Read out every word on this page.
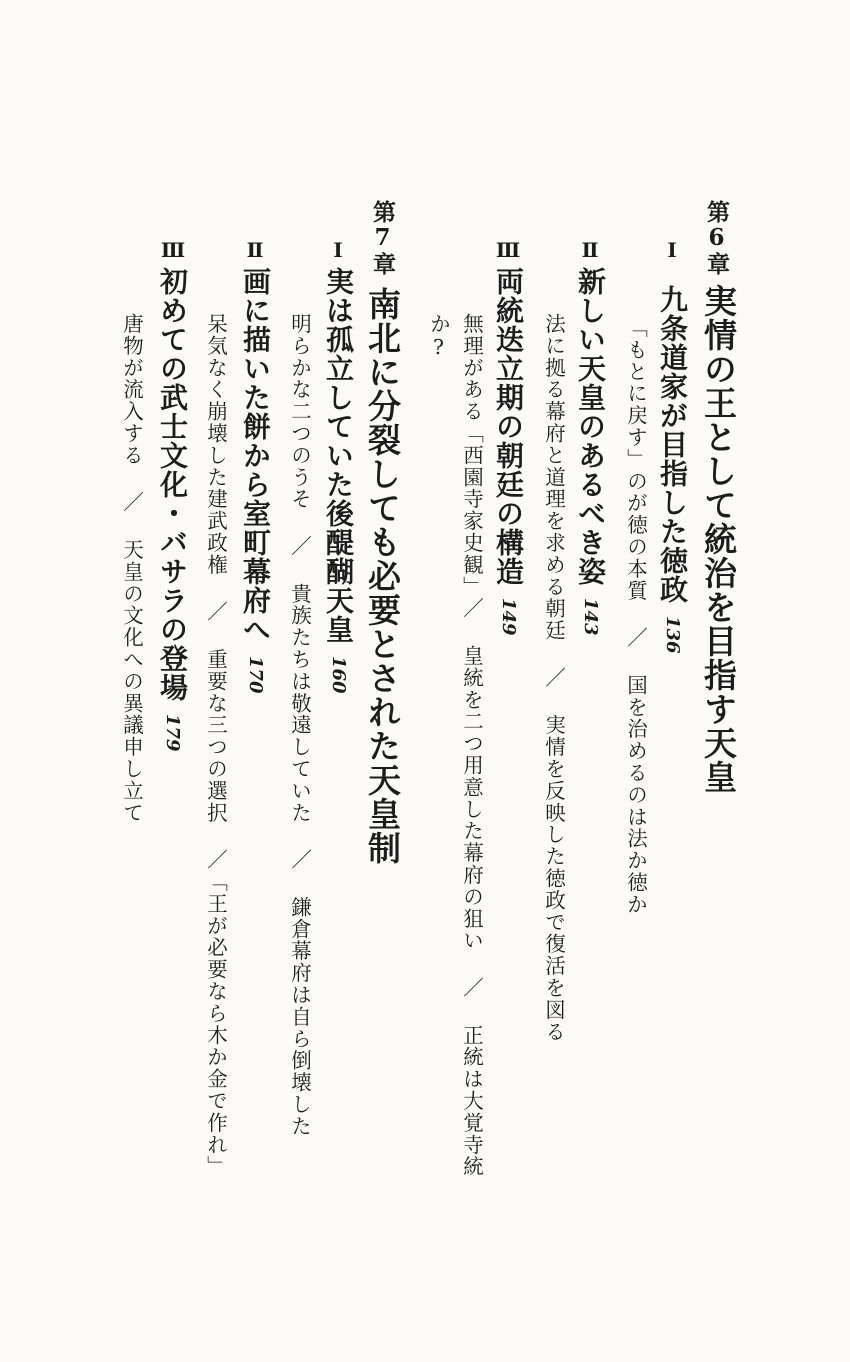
第6章
実情の王として統治を目指す天皇
Ⅰ
九条道家が目指した徳政136
「もとに戻す」のが徳の本質 ／ 国を治めるのは法か徳か
Ⅱ
新しい天皇のあるべき姿143
法に拠る幕府と道理を求める朝廷 ／ 実情を反映した徳政で復活を図る
Ⅲ
両統迭立期の朝廷の構造149
無理がある「西園寺家史観」／ 皇統を二つ用意した幕府の狙い ／ 正統は大覚寺統
か?
第7章
南北に分裂しても必要とされた天皇制
Ⅰ
実は孤立していた後醍醐天皇160
明らかな二つのうそ ／ 貴族たちは敬遠していた ／ 鎌倉幕府は自ら倒壊した
Ⅱ
画に描いた餅から室町幕府へ170
呆気なく崩壊した建武政権 ／ 重要な三つの選択 ／「王が必要なら木か金で作れ」
Ⅲ
初めての武士文化・バサラの登場179
唐物が流入する ／ 天皇の文化への異議申し立て
